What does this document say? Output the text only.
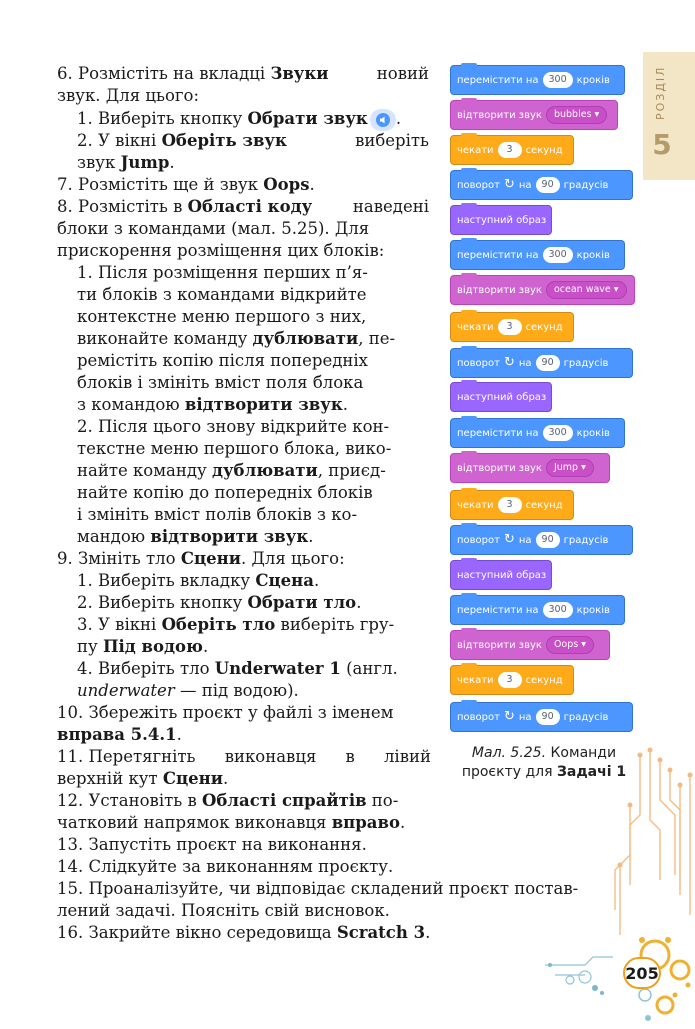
РОЗДІЛ
5
6. Розмістіть на вкладці Звуки	новий
звук. Для цього:
1. Виберіть кнопку Обрати звук .
2. У вікні Оберіть звук	виберіть
звук Jump.
7. Розмістіть ще й звук Oops.
8. Розмістіть в Області коду наведені
блоки з командами (мал. 5.25). Для
прискорення розміщення цих блоків:
1. Після розміщення перших п’я-
ти блоків з командами відкрийте
контекстне меню першого з них,
виконайте команду дублювати, пе-
ремістіть копію після попередніх
блоків і змініть вміст поля блока
з командою відтворити звук.
2. Після цього знову відкрийте кон-
текстне меню першого блока, вико-
найте команду дублювати, приєд-
найте копію до попередніх блоків
і змініть вміст полів блоків з ко-
мандою відтворити звук.
9. Змініть тло Сцени. Для цього:
1. Виберіть вкладку Сцена.
2. Виберіть кнопку Обрати тло.
3. У вікні Оберіть тло виберіть гру-
пу Під водою.
4. Виберіть тло Underwater 1 (англ.
underwater — під водою).
10. Збережіть проєкт у файлі з іменем
вправа 5.4.1.
11. Перетягніть виконавця в лівий
верхній кут Сцени.
12. Установіть в Області спрайтів по-
чатковий напрямок виконавця вправо.
13. Запустіть проєкт на виконання.
14. Слідкуйте за виконанням проєкту.
15. Проаналізуйте, чи відповідає складений проєкт постав-
лений задачі. Поясніть свій висновок.
16. Закрийте вікно середовища Scratch 3.
перемістити на	300	кроків
відтворити звук	bubbles ▾
чекати	3	секунд
поворот ↻ на	90	градусів
наступний образ
перемістити на	300	кроків
відтворити звук	ocean wave ▾
чекати	3	секунд
поворот ↻ на	90	градусів
наступний образ
перемістити на	300	кроків
відтворити звук	Jump ▾
чекати	3	секунд
поворот ↻ на	90	градусів
наступний образ
перемістити на	300	кроків
відтворити звук	Oops ▾
чекати	3	секунд
поворот ↻ на	90	градусів
Мал. 5.25. Команди проєкту для Задачі 1
205
